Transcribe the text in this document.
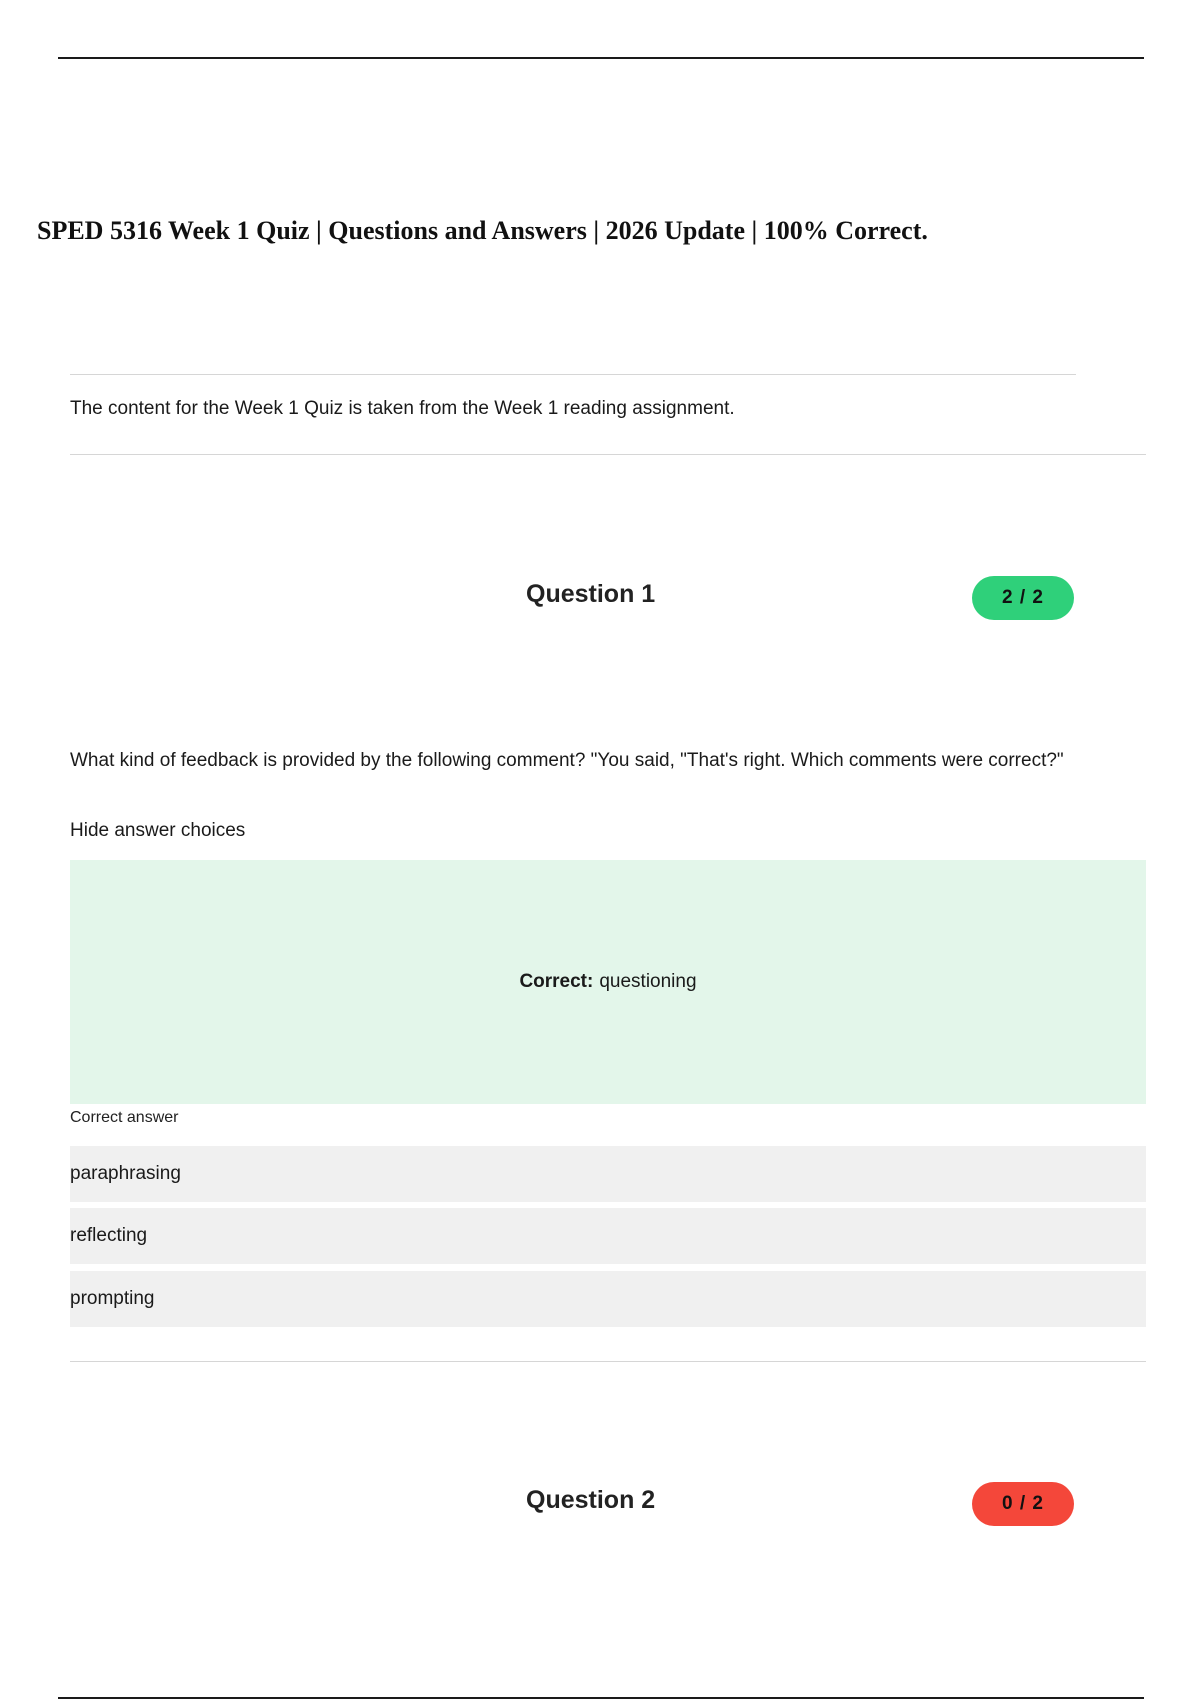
SPED 5316 Week 1 Quiz | Questions and Answers | 2026 Update | 100% Correct.
The content for the Week 1 Quiz is taken from the Week 1 reading assignment.
Question 1	2 / 2
What kind of feedback is provided by the following comment? "You said, "That's right. Which comments were correct?"
Hide answer choices
Correct: questioning
Correct answer
paraphrasing
reflecting
prompting
Question 2	0 / 2
